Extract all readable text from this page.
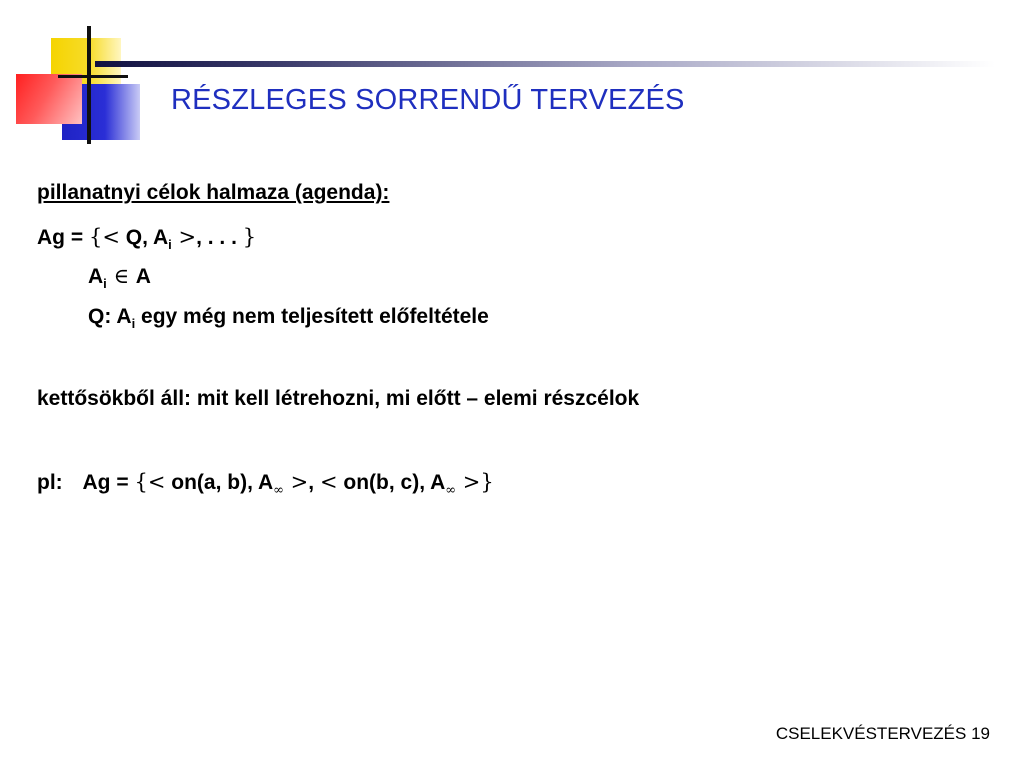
RÉSZLEGES SORRENDŰ TERVEZÉS
pillanatnyi célok halmaza (agenda):
Ag = {< Q, $A_i$ >, . . . }
$A_i$ ∈ A
Q: $A_i$ egy még nem teljesített előfeltétele
kettősökből áll: mit kell létrehozni, mi előtt – elemi részcélok
pl: Ag = {< on(a, b), $A_\infty$ >, < on(b, c), $A_\infty$ >}
CSELEKVÉSTERVEZÉS 19
